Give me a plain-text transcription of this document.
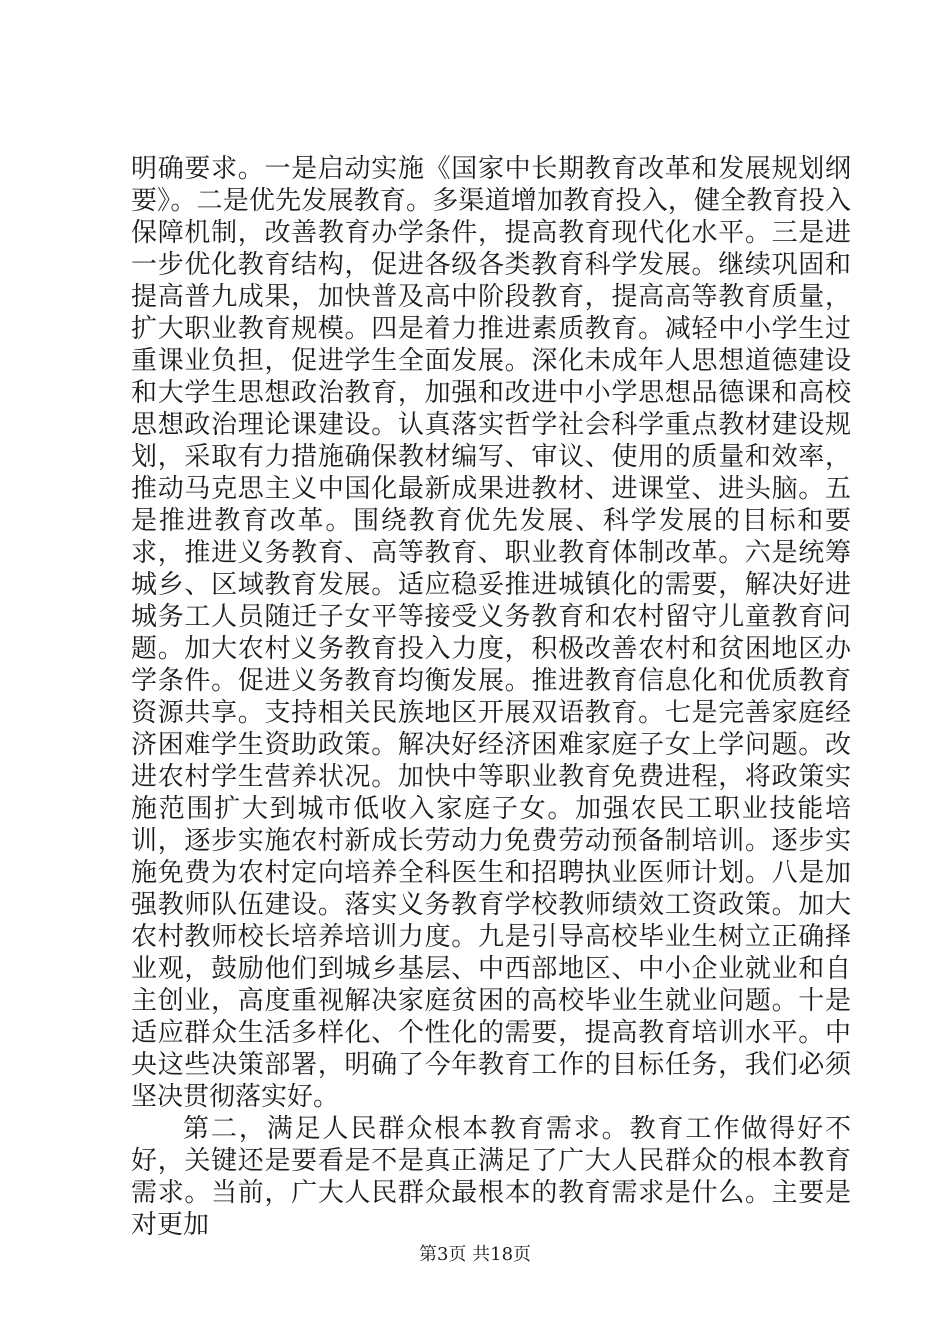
明确要求。一是启动实施《国家中长期教育改革和发展规划纲要》。二是优先发展教育。多渠道增加教育投入，健全教育投入保障机制，改善教育办学条件，提高教育现代化水平。三是进一步优化教育结构，促进各级各类教育科学发展。继续巩固和提高普九成果，加快普及高中阶段教育，提高高等教育质量，扩大职业教育规模。四是着力推进素质教育。减轻中小学生过重课业负担，促进学生全面发展。深化未成年人思想道德建设和大学生思想政治教育，加强和改进中小学思想品德课和高校思想政治理论课建设。认真落实哲学社会科学重点教材建设规划，采取有力措施确保教材编写、审议、使用的质量和效率，推动马克思主义中国化最新成果进教材、进课堂、进头脑。五是推进教育改革。围绕教育优先发展、科学发展的目标和要求，推进义务教育、高等教育、职业教育体制改革。六是统筹城乡、区域教育发展。适应稳妥推进城镇化的需要，解决好进城务工人员随迁子女平等接受义务教育和农村留守儿童教育问题。加大农村义务教育投入力度，积极改善农村和贫困地区办学条件。促进义务教育均衡发展。推进教育信息化和优质教育资源共享。支持相关民族地区开展双语教育。七是完善家庭经济困难学生资助政策。解决好经济困难家庭子女上学问题。改进农村学生营养状况。加快中等职业教育免费进程，将政策实施范围扩大到城市低收入家庭子女。加强农民工职业技能培训，逐步实施农村新成长劳动力免费劳动预备制培训。逐步实施免费为农村定向培养全科医生和招聘执业医师计划。八是加强教师队伍建设。落实义务教育学校教师绩效工资政策。加大农村教师校长培养培训力度。九是引导高校毕业生树立正确择业观，鼓励他们到城乡基层、中西部地区、中小企业就业和自主创业，高度重视解决家庭贫困的高校毕业生就业问题。十是适应群众生活多样化、个性化的需要，提高教育培训水平。中央这些决策部署，明确了今年教育工作的目标任务，我们必须坚决贯彻落实好。

第二，满足人民群众根本教育需求。教育工作做得好不好，关键还是要看是不是真正满足了广大人民群众的根本教育需求。当前，广大人民群众最根本的教育需求是什么。主要是对更加

第3页 共18页
